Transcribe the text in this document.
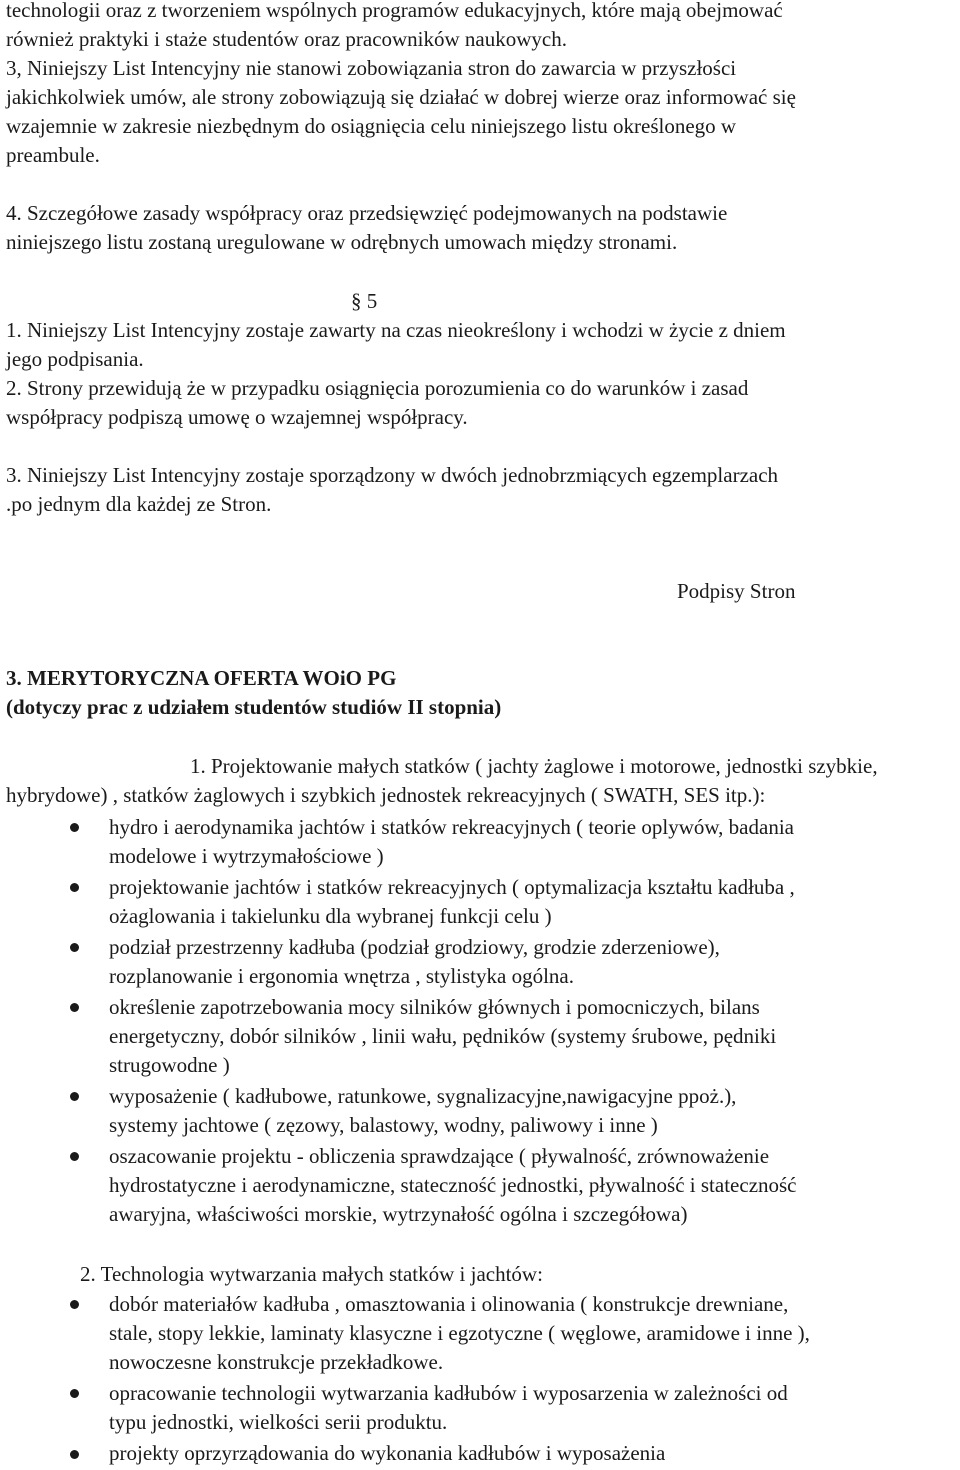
technologii oraz z tworzeniem wspólnych programów edukacyjnych, które mają obejmować
również praktyki i staże studentów oraz pracowników naukowych.
3, Niniejszy List Intencyjny nie stanowi zobowiązania stron do zawarcia w przyszłości
jakichkolwiek umów, ale strony zobowiązują się działać w dobrej wierze oraz informować się
wzajemnie w zakresie niezbędnym do osiągnięcia celu niniejszego listu określonego w
preambule.
4. Szczegółowe zasady współpracy oraz przedsięwzięć podejmowanych na podstawie
niniejszego listu zostaną uregulowane w odrębnych umowach między stronami.
§ 5
1. Niniejszy List Intencyjny zostaje zawarty na czas nieokreślony i wchodzi w życie z dniem
jego podpisania.
2. Strony przewidują że w przypadku osiągnięcia porozumienia co do warunków i zasad
współpracy podpiszą umowę o wzajemnej współpracy.
3. Niniejszy List Intencyjny zostaje sporządzony w dwóch jednobrzmiących egzemplarzach
.po jednym dla każdej ze Stron.
Podpisy Stron
3. MERYTORYCZNA OFERTA WOiO PG
(dotyczy prac z udziałem studentów studiów II stopnia)
1. Projektowanie małych statków ( jachty żaglowe i motorowe, jednostki szybkie,
hybrydowe) , statków żaglowych i szybkich jednostek rekreacyjnych ( SWATH, SES itp.):
hydro i aerodynamika jachtów i statków rekreacyjnych ( teorie oplywów, badania
modelowe i wytrzymałościowe )
projektowanie jachtów i statków rekreacyjnych ( optymalizacja kształtu kadłuba ,
ożaglowania i takielunku dla wybranej funkcji celu )
podział przestrzenny kadłuba (podział grodziowy, grodzie zderzeniowe),
rozplanowanie i ergonomia wnętrza , stylistyka ogólna.
określenie zapotrzebowania mocy silników głównych i pomocniczych, bilans
energetyczny, dobór silników , linii wału, pędników (systemy śrubowe, pędniki
strugowodne )
wyposażenie ( kadłubowe, ratunkowe, sygnalizacyjne,nawigacyjne ppoż.),
systemy jachtowe ( zęzowy, balastowy, wodny, paliwowy i inne )
oszacowanie projektu - obliczenia sprawdzające ( pływalność, zrównoważenie
hydrostatyczne i aerodynamiczne, stateczność jednostki, pływalność i stateczność
awaryjna, właściwości morskie, wytrzynałość ogólna i szczegółowa)
2. Technologia wytwarzania małych statków i jachtów:
dobór materiałów kadłuba , omasztowania i olinowania ( konstrukcje drewniane,
stale, stopy lekkie, laminaty klasyczne i egzotyczne ( węglowe, aramidowe i inne ),
nowoczesne konstrukcje przekładkowe.
opracowanie technologii wytwarzania kadłubów i wyposarzenia w zależności od
typu jednostki, wielkości serii produktu.
projekty oprzyrządowania do wykonania kadłubów i wyposażenia
